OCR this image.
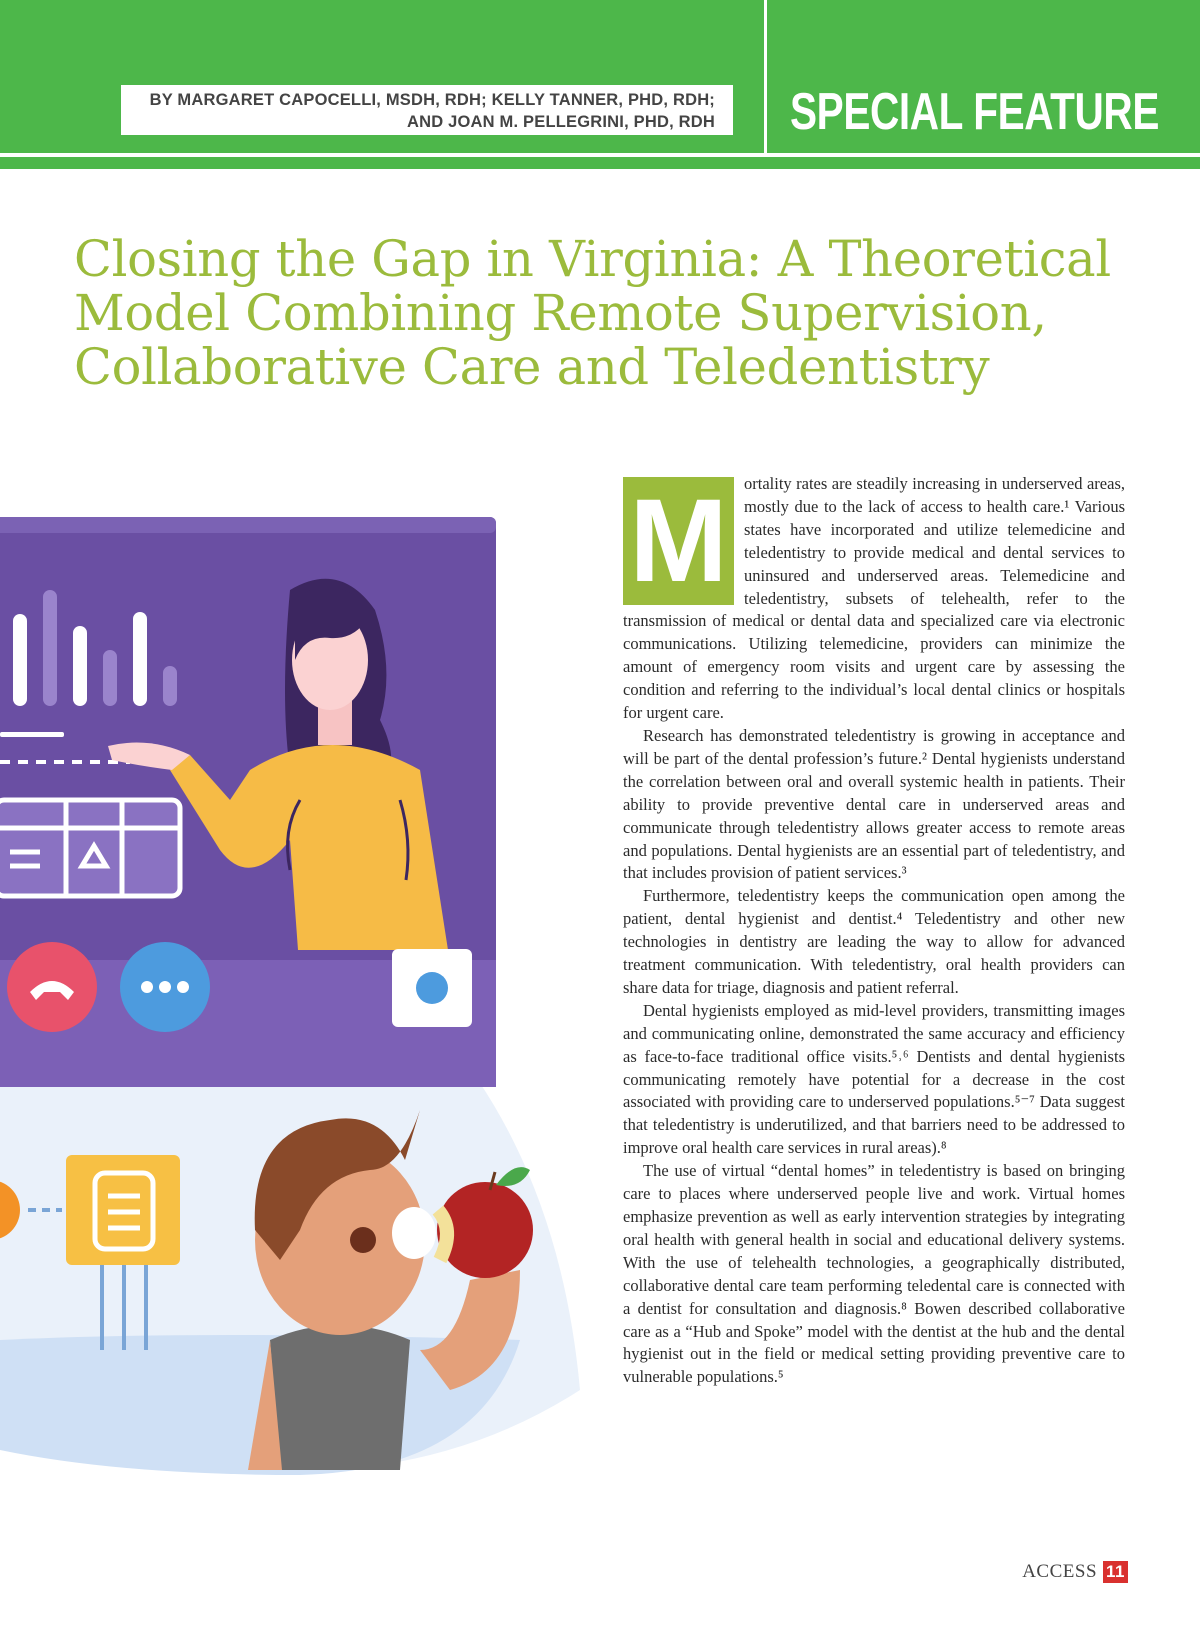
BY MARGARET CAPOCELLI, MSDH, RDH; KELLY TANNER, PHD, RDH;
AND JOAN M. PELLEGRINI, PHD, RDH SPECIAL FEATURE
Closing the Gap in Virginia: A Theoretical
Model Combining Remote Supervision,
Collaborative Care and Teledentistry
M ortality rates are steadily increasing in underserved areas, mostly due to the lack of access to health care.¹ Various states have incorporated and utilize telemedicine and teledentistry to provide medical and dental services to uninsured and underserved areas. Telemedicine and teledentistry, subsets of telehealth, refer to the transmission of medical or dental data and specialized care via electronic communications. Utilizing telemedicine, providers can minimize the amount of emergency room visits and urgent care by assessing the condition and referring to the individual’s local dental clinics or hospitals for urgent care.

Research has demonstrated teledentistry is growing in acceptance and will be part of the dental profession’s future.² Dental hygienists understand the correlation between oral and overall systemic health in patients. Their ability to provide preventive dental care in underserved areas and communicate through teledentistry allows greater access to remote areas and populations. Dental hygienists are an essential part of teledentistry, and that includes provision of patient services.³

Furthermore, teledentistry keeps the communication open among the patient, dental hygienist and dentist.⁴ Teledentistry and other new technologies in dentistry are leading the way to allow for advanced treatment communication. With teledentistry, oral health providers can share data for triage, diagnosis and patient referral.

Dental hygienists employed as mid-level providers, transmitting images and communicating online, demonstrated the same accuracy and efficiency as face-to-face traditional office visits.⁵˒⁶ Dentists and dental hygienists communicating remotely have potential for a decrease in the cost associated with providing care to underserved populations.⁵⁻⁷ Data suggest that teledentistry is underutilized, and that barriers need to be addressed to improve oral health care services in rural areas).⁸

The use of virtual “dental homes” in teledentistry is based on bringing care to places where underserved people live and work. Virtual homes emphasize prevention as well as early intervention strategies by integrating oral health with general health in social and educational delivery systems. With the use of telehealth technologies, a geographically distributed, collaborative dental care team performing teledental care is connected with a dentist for consultation and diagnosis.⁸ Bowen described collaborative care as a “Hub and Spoke” model with the dentist at the hub and the dental hygienist out in the field or medical setting providing preventive care to vulnerable populations.⁵

ACCESS 11
